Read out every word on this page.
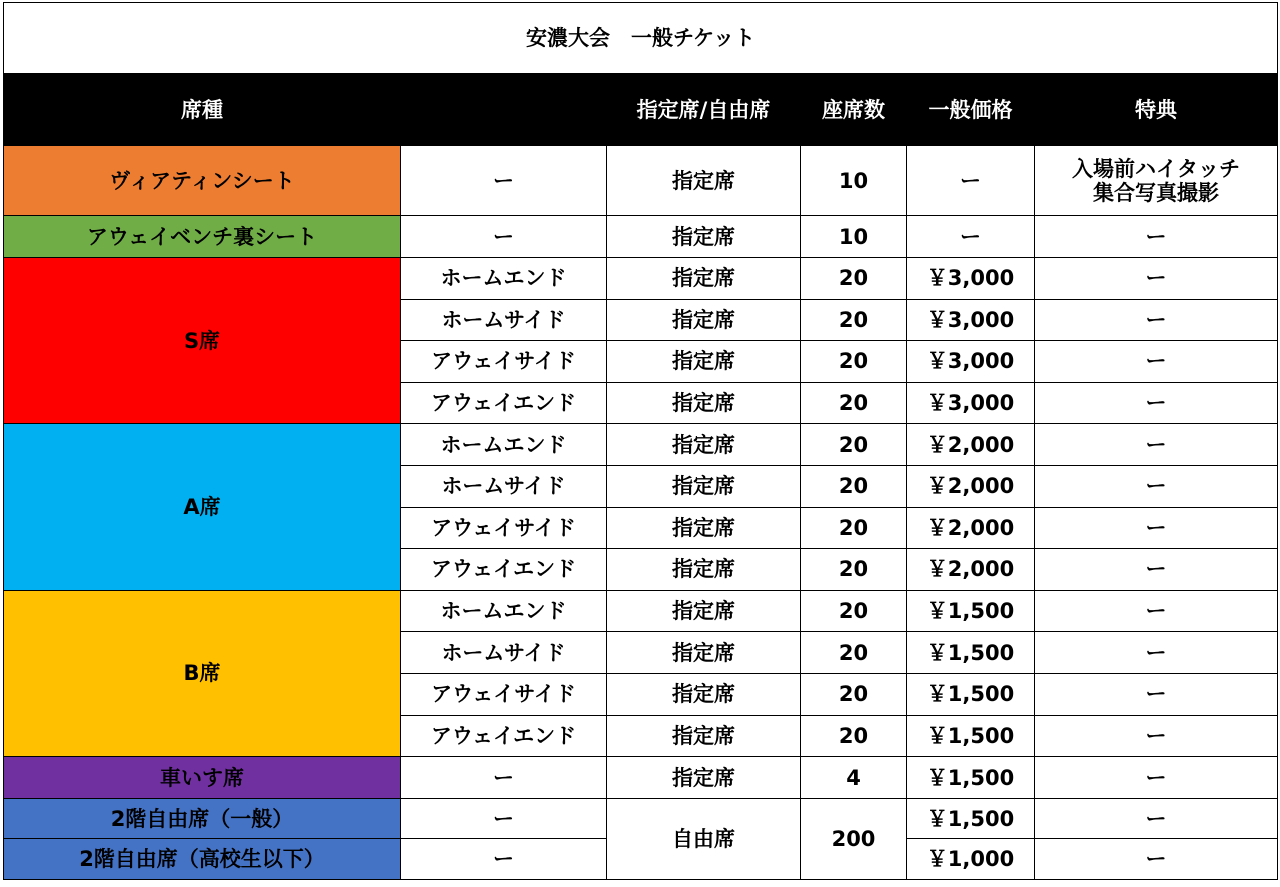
安濃大会　一般チケット					
席種		指定席/自由席	座席数	一般価格	特典
ヴィアティンシート	ー	指定席	10	ー	入場前ハイタッチ
集合写真撮影

アウェイベンチ裏シート	ー	指定席	10	ー	ー
S席	ホームエンド	指定席	20	￥3,000	ー
	ホームサイド	指定席	20	￥3,000	ー
	アウェイサイド	指定席	20	￥3,000	ー
	アウェイエンド	指定席	20	￥3,000	ー
A席	ホームエンド	指定席	20	￥2,000	ー
	ホームサイド	指定席	20	￥2,000	ー
	アウェイサイド	指定席	20	￥2,000	ー
	アウェイエンド	指定席	20	￥2,000	ー
B席	ホームエンド	指定席	20	￥1,500	ー
	ホームサイド	指定席	20	￥1,500	ー
	アウェイサイド	指定席	20	￥1,500	ー
	アウェイエンド	指定席	20	￥1,500	ー
車いす席	ー	指定席	4	￥1,500	ー
2階自由席（一般）	ー	自由席	200	￥1,500	ー
2階自由席（高校生以下）	ー			￥1,000	ー
